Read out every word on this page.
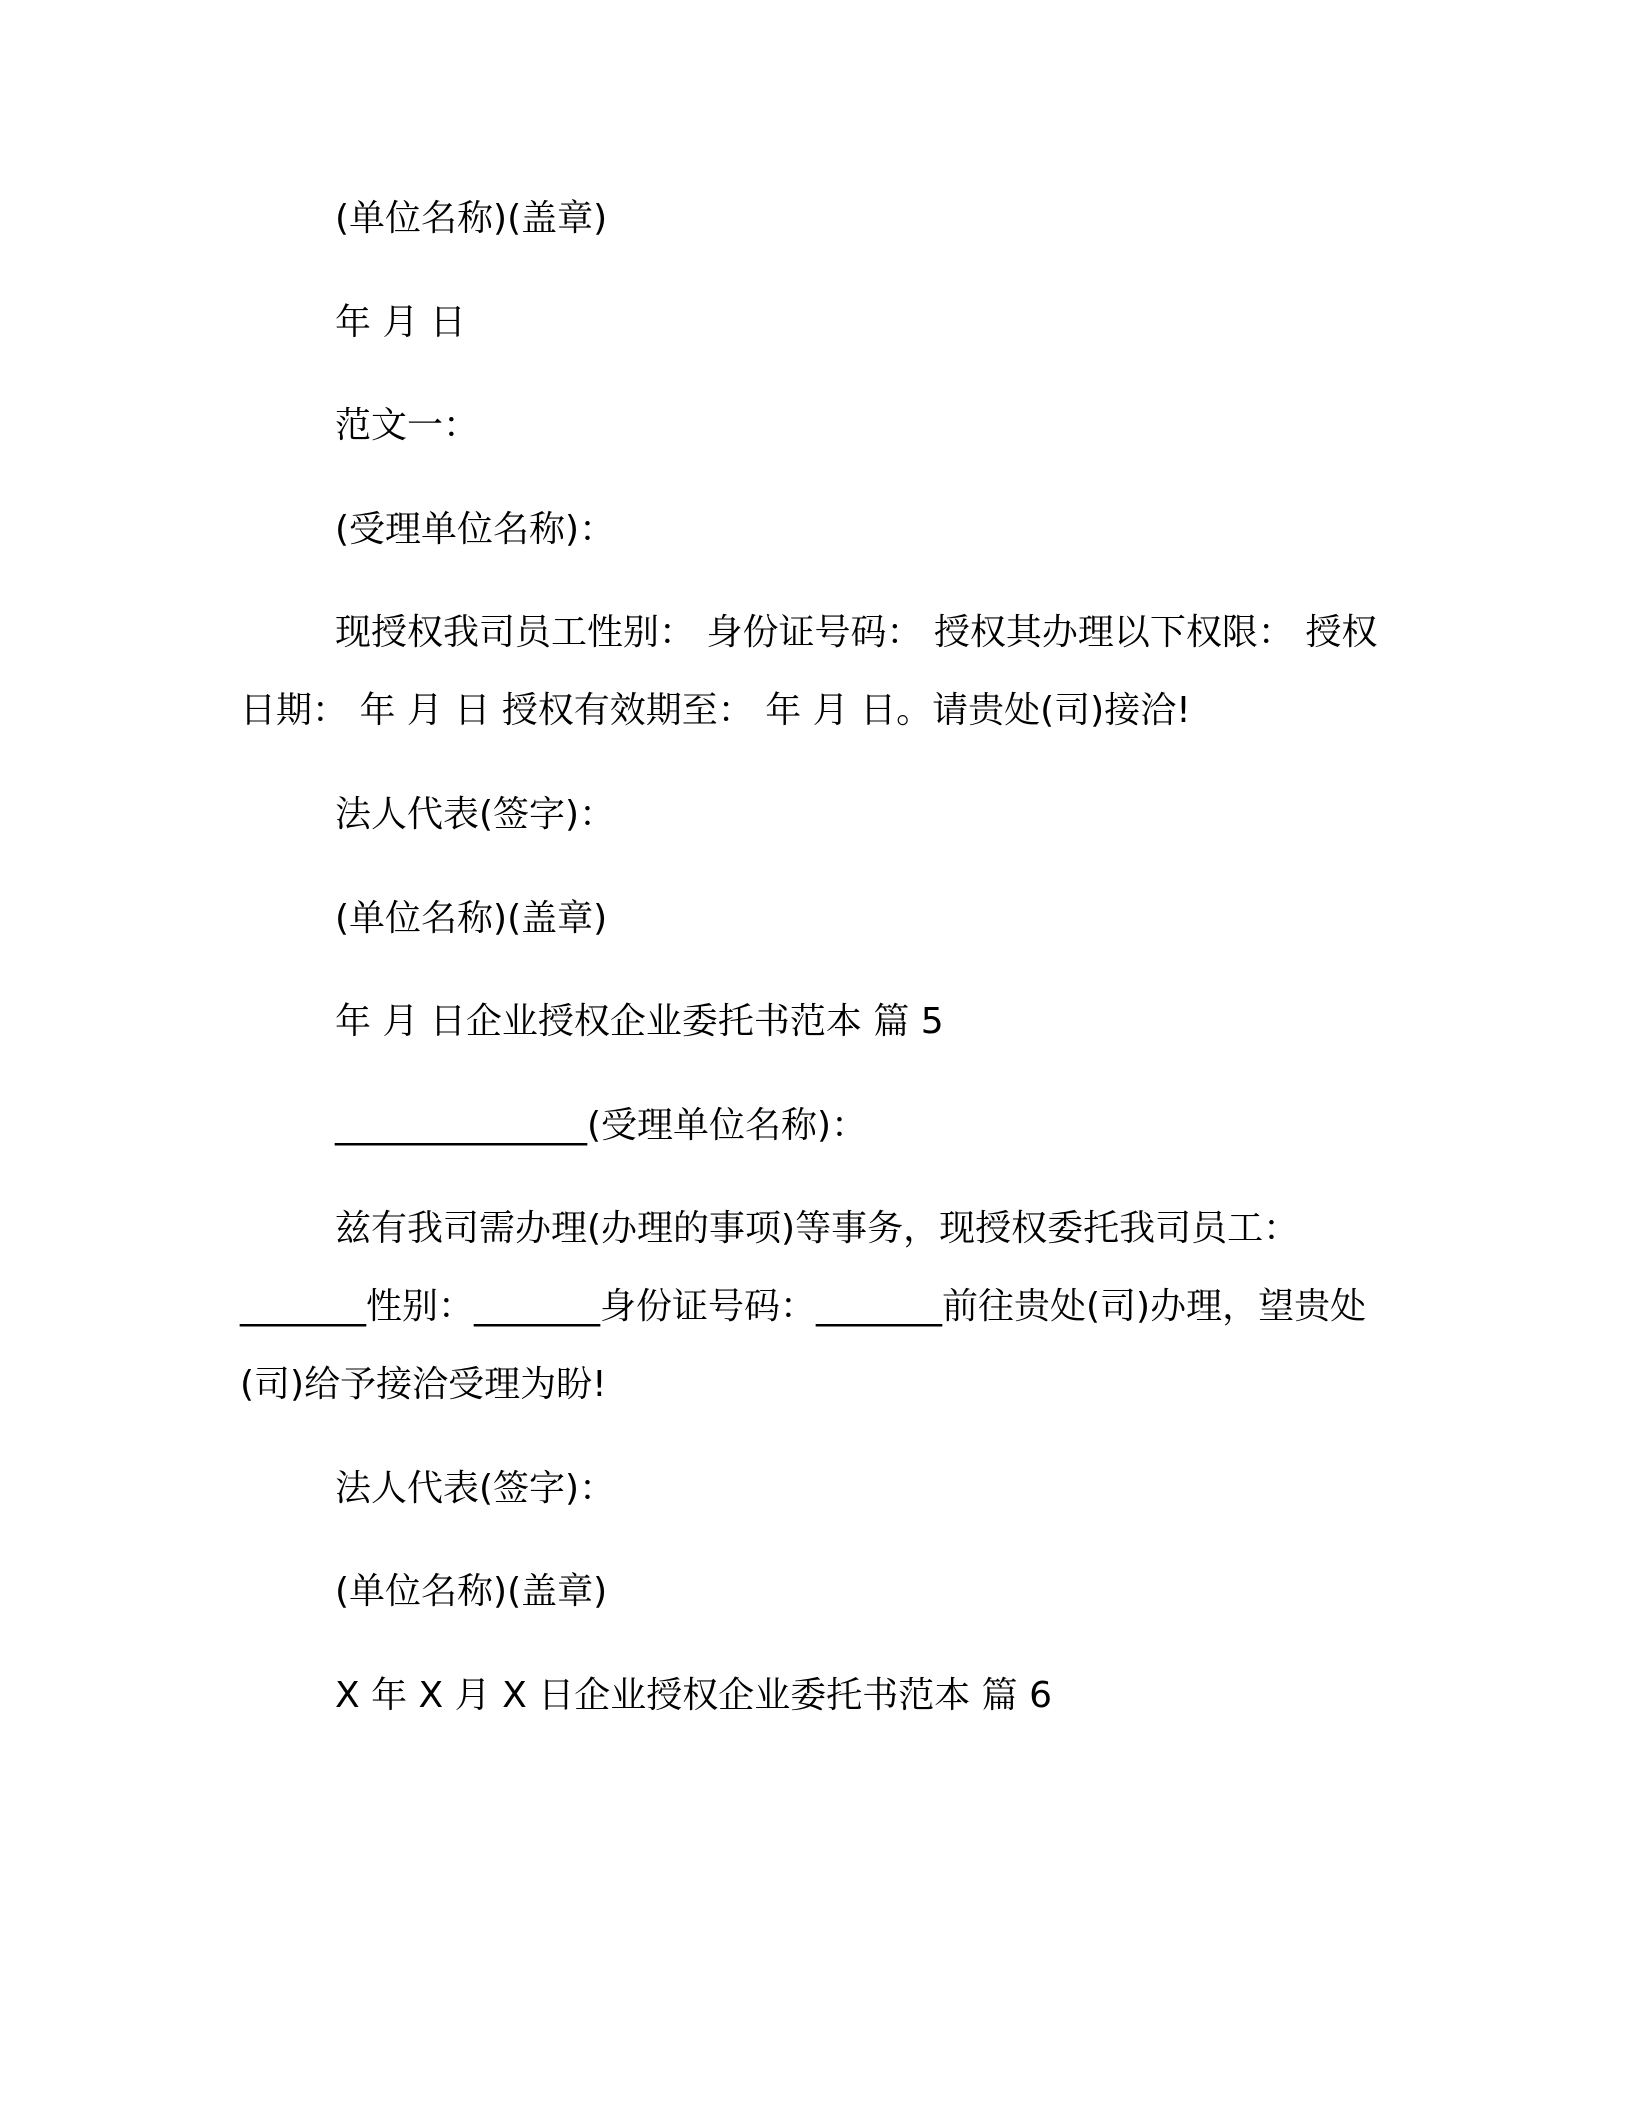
(单位名称)(盖章)
年 月 日
范文一：
(受理单位名称)：
现授权我司员工性别： 身份证号码： 授权其办理以下权限： 授权日期： 年 月 日 授权有效期至： 年 月 日。请贵处(司)接洽!
法人代表(签字)：
(单位名称)(盖章)
年 月 日企业授权企业委托书范本 篇 5
______________(受理单位名称)：
兹有我司需办理(办理的事项)等事务，现授权委托我司员工：
_______性别：_______身份证号码：_______前往贵处(司)办理，望贵处(司)给予接洽受理为盼!
法人代表(签字)：
(单位名称)(盖章)
X 年 X 月 X 日企业授权企业委托书范本 篇 6
